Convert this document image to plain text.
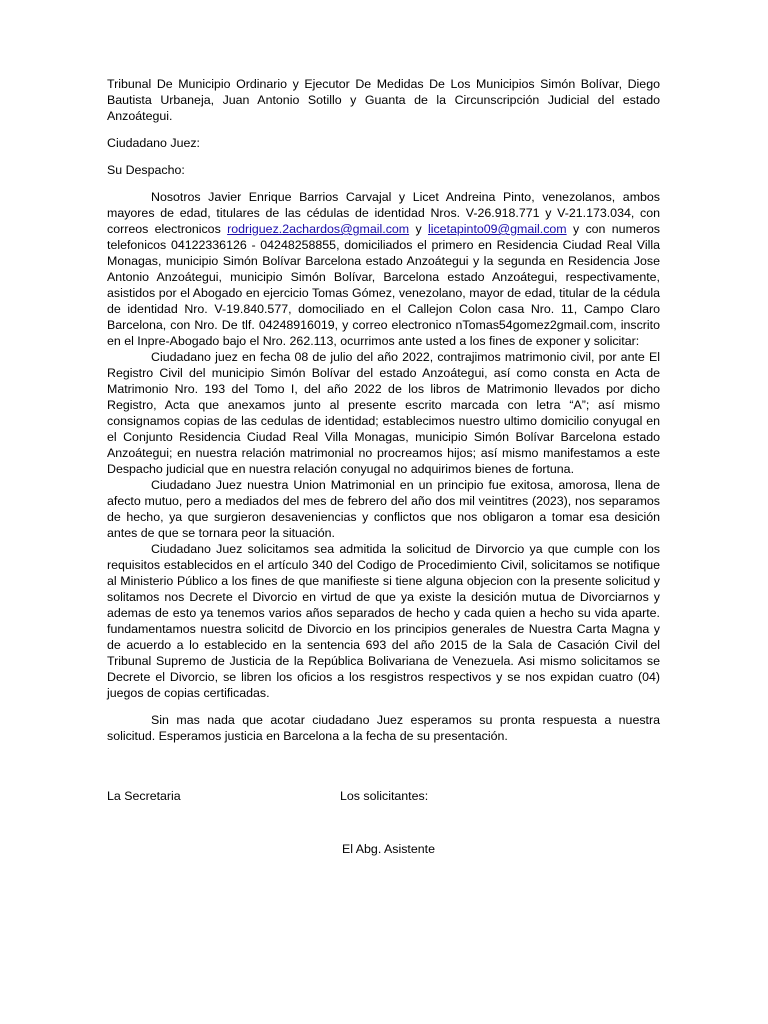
Tribunal De Municipio Ordinario y Ejecutor De Medidas De Los Municipios Simón Bolívar, Diego Bautista Urbaneja, Juan Antonio Sotillo y Guanta de la Circunscripción Judicial del estado Anzoátegui.

Ciudadano Juez:

Su Despacho:

Nosotros Javier Enrique Barrios Carvajal y Licet Andreina Pinto, venezolanos, ambos mayores de edad, titulares de las cédulas de identidad Nros. V-26.918.771 y V-21.173.034, con correos electronicos rodriguez.2achardos@gmail.com y licetapinto09@gmail.com y con numeros telefonicos 04122336126 - 04248258855, domiciliados el primero en Residencia Ciudad Real Villa Monagas, municipio Simón Bolívar Barcelona estado Anzoátegui y la segunda en Residencia Jose Antonio Anzoátegui, municipio Simón Bolívar, Barcelona estado Anzoátegui, respectivamente, asistidos por el Abogado en ejercicio Tomas Gómez, venezolano, mayor de edad, titular de la cédula de identidad Nro. V-19.840.577, domociliado en el Callejon Colon casa Nro. 11, Campo Claro Barcelona, con Nro. De tlf. 04248916019, y correo electronico nTomas54gomez2gmail.com, inscrito en el Inpre-Abogado bajo el Nro. 262.113, ocurrimos ante usted a los fines de exponer y solicitar:

Ciudadano juez en fecha 08 de julio del año 2022, contrajimos matrimonio civil, por ante El Registro Civil del municipio Simón Bolívar del estado Anzoátegui, así como consta en Acta de Matrimonio Nro. 193 del Tomo I, del año 2022 de los libros de Matrimonio llevados por dicho Registro, Acta que anexamos junto al presente escrito marcada con letra “A”; así mismo consignamos copias de las cedulas de identidad; establecimos nuestro ultimo domicilio conyugal en el Conjunto Residencia Ciudad Real Villa Monagas, municipio Simón Bolívar Barcelona estado Anzoátegui; en nuestra relación matrimonial no procreamos hijos; así mismo manifestamos a este Despacho judicial que en nuestra relación conyugal no adquirimos bienes de fortuna.

Ciudadano Juez nuestra Union Matrimonial en un principio fue exitosa, amorosa, llena de afecto mutuo, pero a mediados del mes de febrero del año dos mil veintitres (2023), nos separamos de hecho, ya que surgieron desaveniencias y conflictos que nos obligaron a tomar esa desición antes de que se tornara peor la situación.

Ciudadano Juez solicitamos sea admitida la solicitud de Dirvorcio ya que cumple con los requisitos establecidos en el artículo 340 del Codigo de Procedimiento Civil, solicitamos se notifique al Ministerio Público a los fines de que manifieste si tiene alguna objecion con la presente solicitud y solitamos nos Decrete el Divorcio en virtud de que ya existe la desición mutua de Divorciarnos y ademas de esto ya tenemos varios años separados de hecho y cada quien a hecho su vida aparte. fundamentamos nuestra solicitd de Divorcio en los principios generales de Nuestra Carta Magna y de acuerdo a lo establecido en la sentencia 693 del año 2015 de la Sala de Casación Civil del Tribunal Supremo de Justicia de la República Bolivariana de Venezuela. Asi mismo solicitamos se Decrete el Divorcio, se libren los oficios a los resgistros respectivos y se nos expidan cuatro (04) juegos de copias certificadas.

Sin mas nada que acotar ciudadano Juez esperamos su pronta respuesta a nuestra solicitud. Esperamos justicia en Barcelona a la fecha de su presentación.

La Secretaria	Los solicitantes:
El Abg. Asistente
